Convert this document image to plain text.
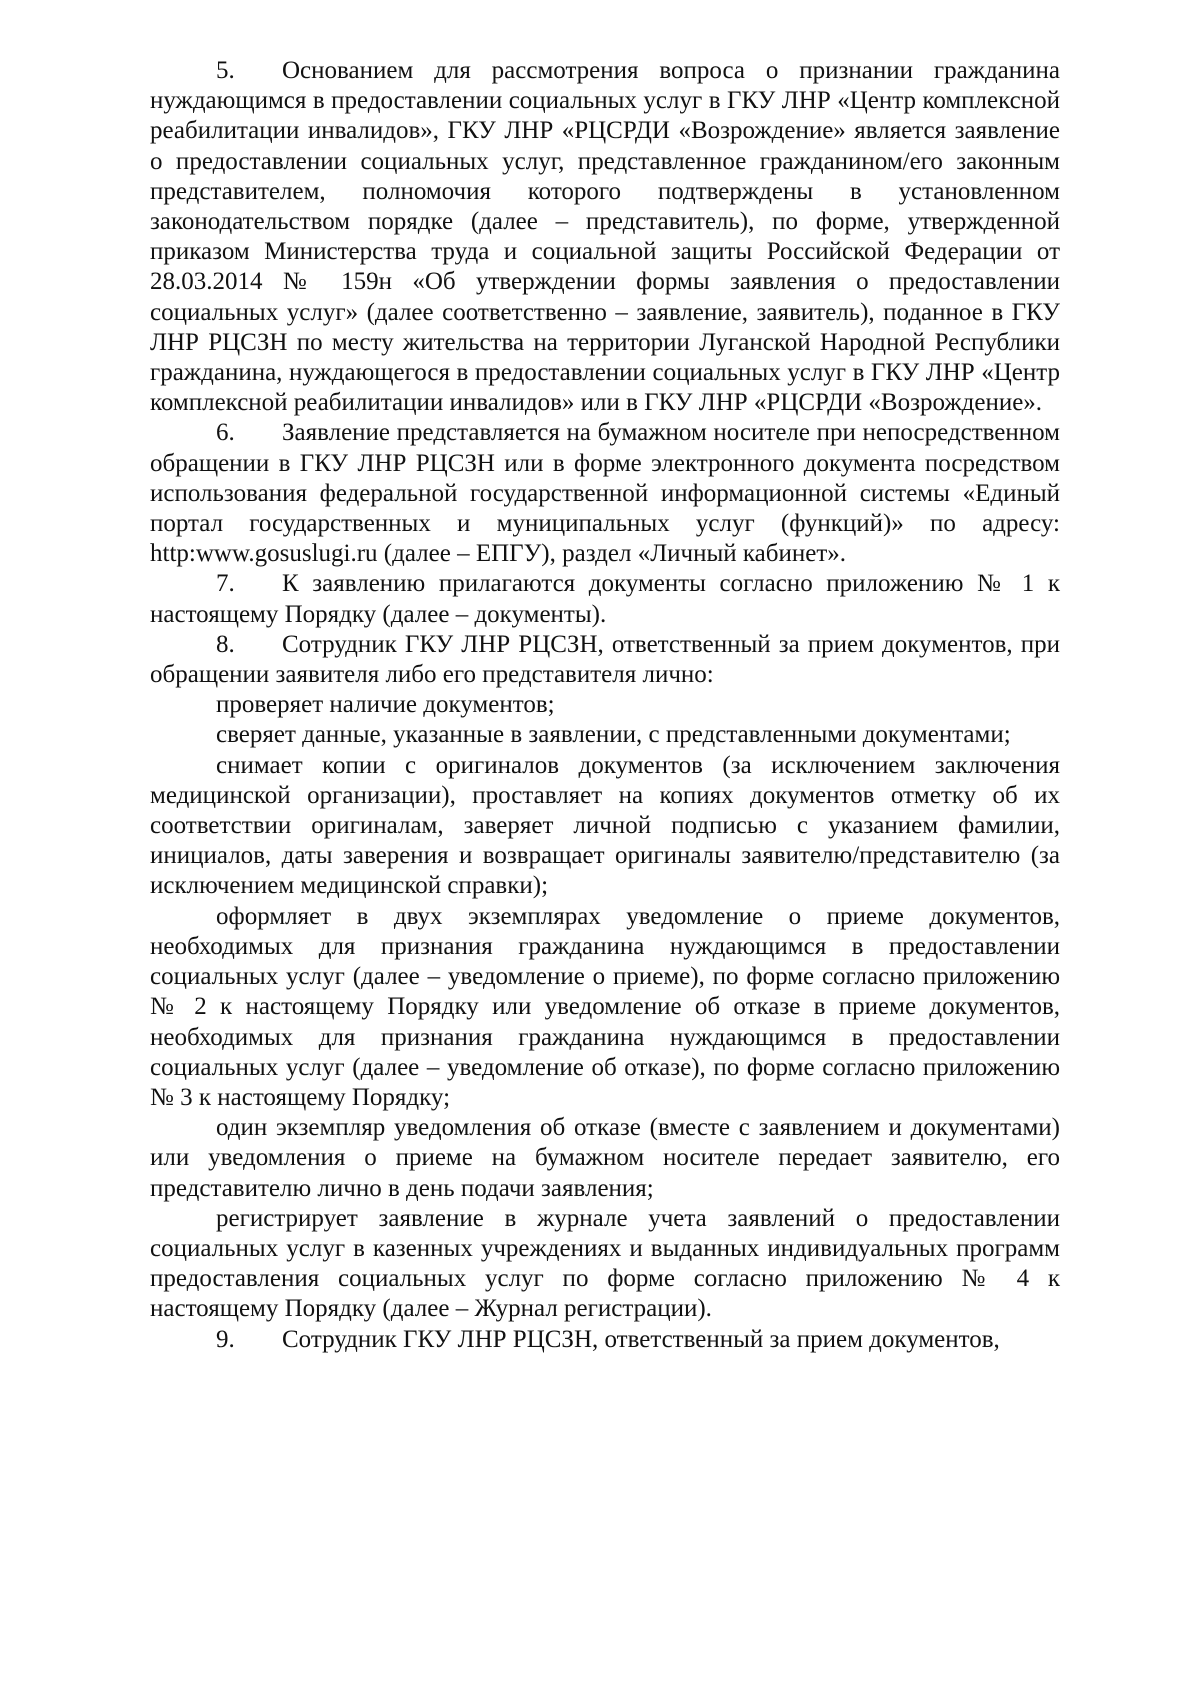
5. Основанием для рассмотрения вопроса о признании гражданина нуждающимся в предоставлении социальных услуг в ГКУ ЛНР «Центр комплексной реабилитации инвалидов», ГКУ ЛНР «РЦСРДИ «Возрождение» является заявление о предоставлении социальных услуг, представленное гражданином/его законным представителем, полномочия которого подтверждены в установленном законодательством порядке (далее – представитель), по форме, утвержденной приказом Министерства труда и социальной защиты Российской Федерации от 28.03.2014 № 159н «Об утверждении формы заявления о предоставлении социальных услуг» (далее соответственно – заявление, заявитель), поданное в ГКУ ЛНР РЦСЗН по месту жительства на территории Луганской Народной Республики гражданина, нуждающегося в предоставлении социальных услуг в ГКУ ЛНР «Центр комплексной реабилитации инвалидов» или в ГКУ ЛНР «РЦСРДИ «Возрождение».

6. Заявление представляется на бумажном носителе при непосредственном обращении в ГКУ ЛНР РЦСЗН или в форме электронного документа посредством использования федеральной государственной информационной системы «Единый портал государственных и муниципальных услуг (функций)» по адресу: http:www.gosuslugi.ru (далее – ЕПГУ), раздел «Личный кабинет».

7. К заявлению прилагаются документы согласно приложению № 1 к настоящему Порядку (далее – документы).

8. Сотрудник ГКУ ЛНР РЦСЗН, ответственный за прием документов, при обращении заявителя либо его представителя лично:

проверяет наличие документов;

сверяет данные, указанные в заявлении, с представленными документами;

снимает копии с оригиналов документов (за исключением заключения медицинской организации), проставляет на копиях документов отметку об их соответствии оригиналам, заверяет личной подписью с указанием фамилии, инициалов, даты заверения и возвращает оригиналы заявителю/представителю (за исключением медицинской справки);

оформляет в двух экземплярах уведомление о приеме документов, необходимых для признания гражданина нуждающимся в предоставлении социальных услуг (далее – уведомление о приеме), по форме согласно приложению № 2 к настоящему Порядку или уведомление об отказе в приеме документов, необходимых для признания гражданина нуждающимся в предоставлении социальных услуг (далее – уведомление об отказе), по форме согласно приложению № 3 к настоящему Порядку;

один экземпляр уведомления об отказе (вместе с заявлением и документами) или уведомления о приеме на бумажном носителе передает заявителю, его представителю лично в день подачи заявления;

регистрирует заявление в журнале учета заявлений о предоставлении социальных услуг в казенных учреждениях и выданных индивидуальных программ предоставления социальных услуг по форме согласно приложению № 4 к настоящему Порядку (далее – Журнал регистрации).

9. Сотрудник ГКУ ЛНР РЦСЗН, ответственный за прием документов,
